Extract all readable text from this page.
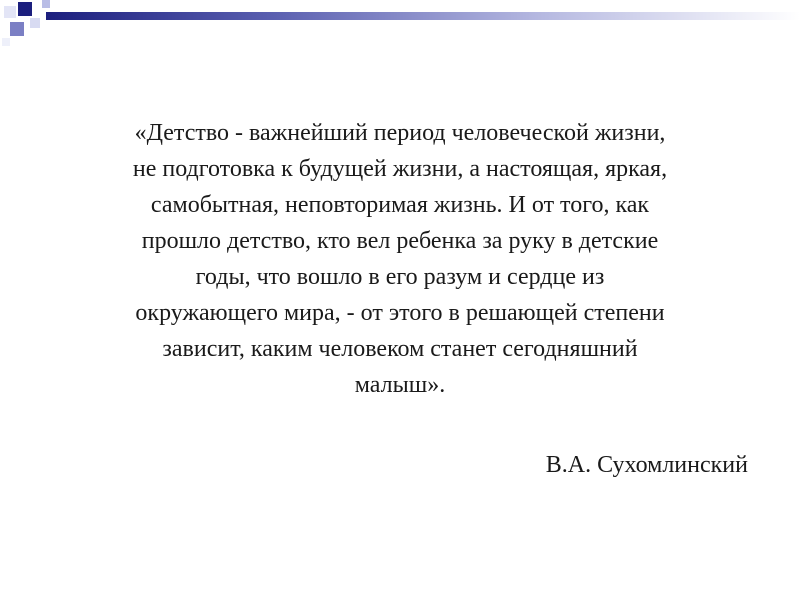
«Детство - важнейший период человеческой жизни,
не подготовка к будущей жизни, а настоящая, яркая,
самобытная, неповторимая жизнь. И от того, как
прошло детство, кто вел ребенка за руку в детские
годы, что вошло в его разум и сердце из
окружающего мира, - от этого в решающей степени
зависит, каким человеком станет сегодняшний
малыш».

В.А. Сухомлинский
